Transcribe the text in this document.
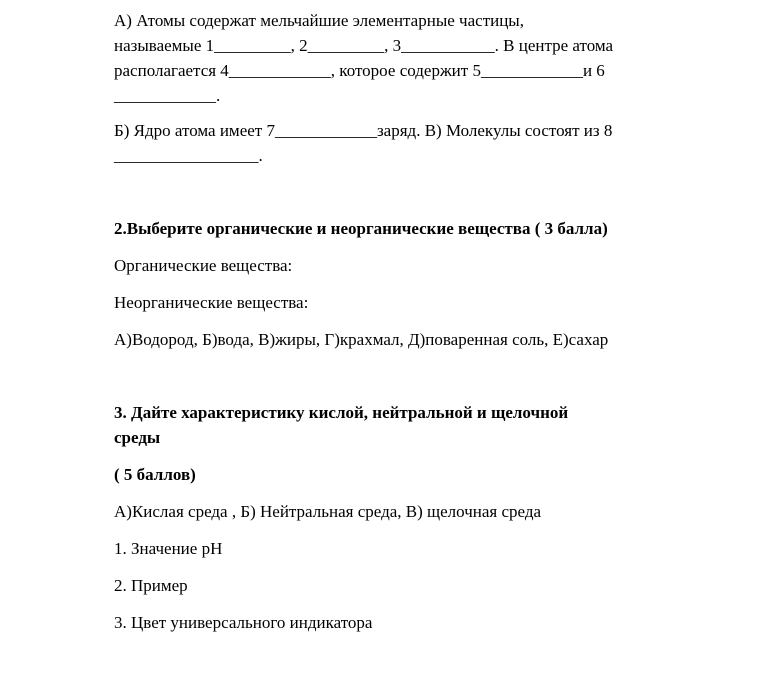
А) Атомы содержат мельчайшие элементарные частицы,
называемые 1_________, 2_________, 3___________. В центре атома
располагается 4____________, которое содержит 5____________и 6
____________.

Б) Ядро атома имеет 7____________заряд. В) Молекулы состоят из 8
_________________.

2.Выберите органические и неорганические вещества ( 3 балла)

Органические вещества:

Неорганические вещества:

А)Водород, Б)вода, В)жиры, Г)крахмал, Д)поваренная соль, Е)сахар

3. Дайте характеристику кислой, нейтральной и щелочной
среды

( 5 баллов)

А)Кислая среда , Б) Нейтральная среда, В) щелочная среда

1. Значение рН

2. Пример

3. Цвет универсального индикатора
